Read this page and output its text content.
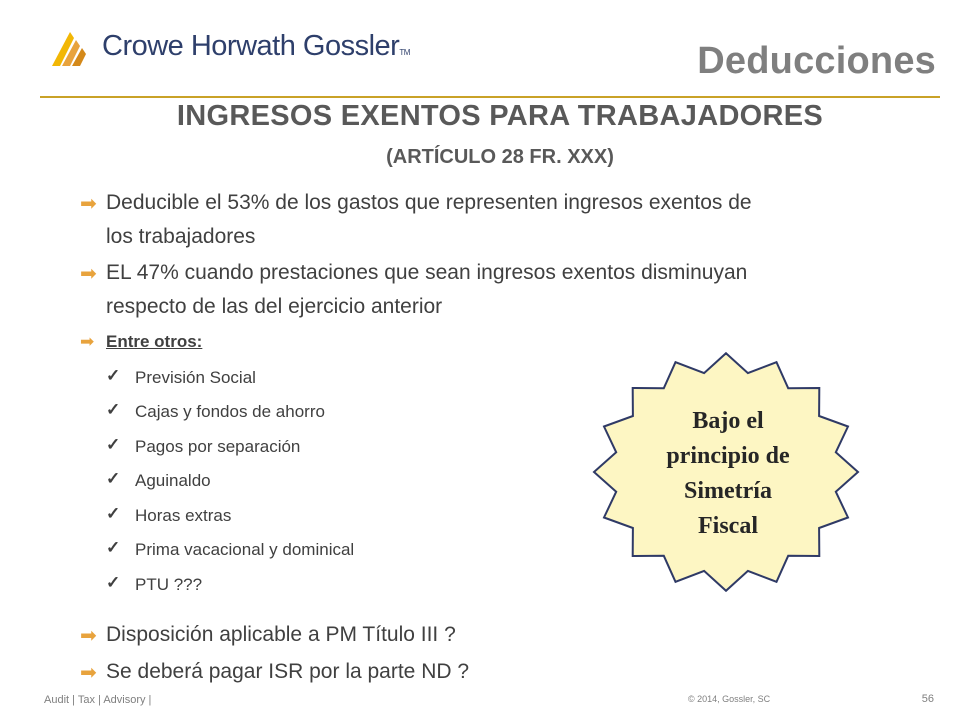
Crowe Horwath Gossler™	Deducciones
INGRESOS EXENTOS PARA TRABAJADORES
(ARTÍCULO 28 FR. XXX)
➡ Deducible el 53% de los gastos que representen ingresos exentos de
los trabajadores
➡ EL 47% cuando prestaciones que sean ingresos exentos disminuyan
respecto de las del ejercicio anterior
➡ Entre otros:
✓ Previsión Social
✓ Cajas y fondos de ahorro
✓ Pagos por separación
✓ Aguinaldo
✓ Horas extras
✓ Prima vacacional y dominical
✓ PTU ???
➡ Disposición aplicable a PM Título III ?
➡ Se deberá pagar ISR por la parte ND ?
Bajo el
principio de
Simetría
Fiscal
Audit | Tax | Advisory |	© 2014, Gossler, SC	56
